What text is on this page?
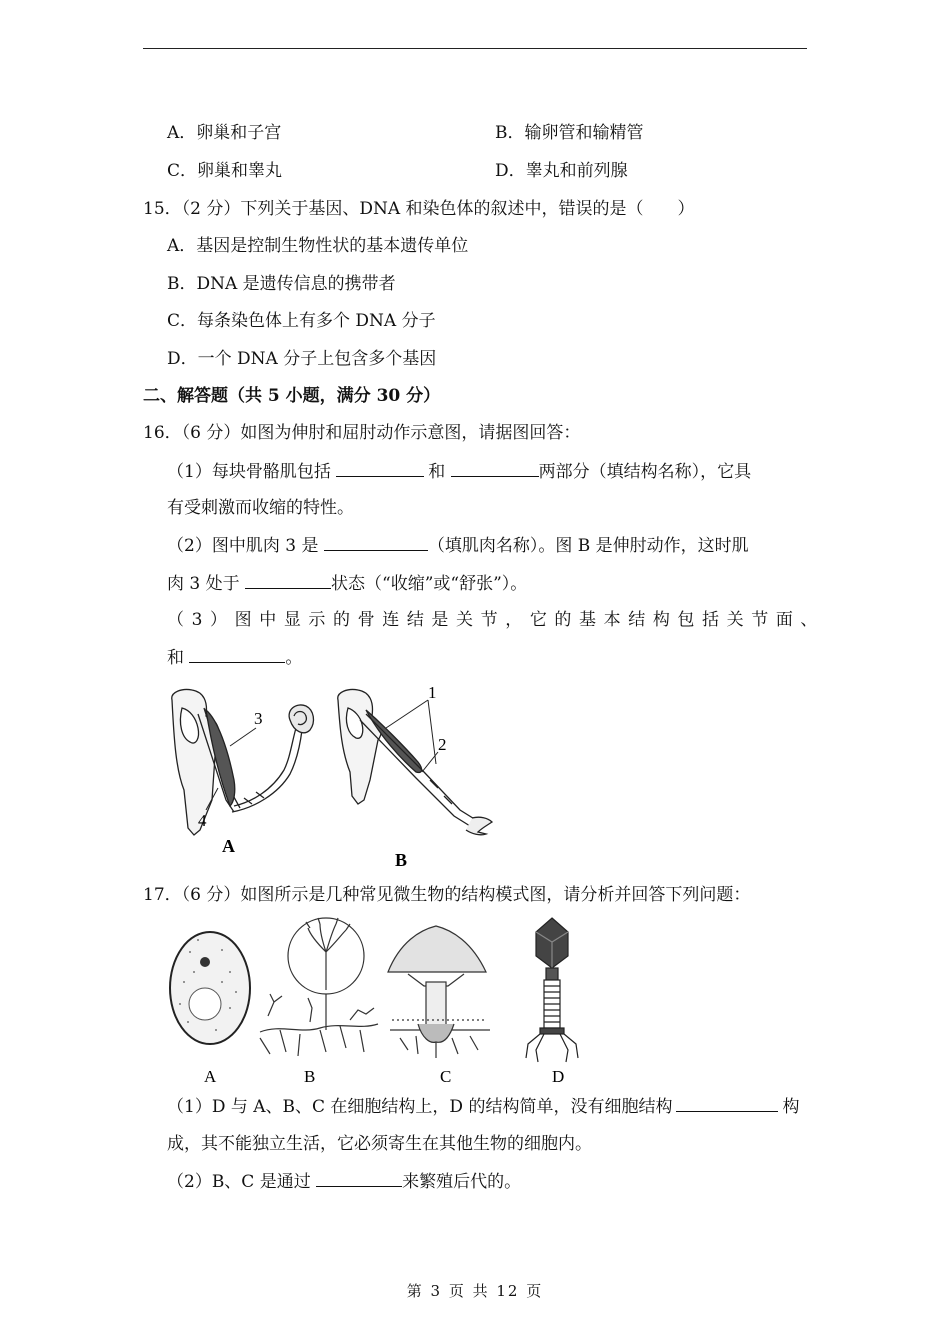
A．卵巢和子宫	B．输卵管和输精管
C．卵巢和睾丸	D．睾丸和前列腺
15．（2 分）下列关于基因、DNA 和染色体的叙述中，错误的是（　　）
A．基因是控制生物性状的基本遗传单位
B．DNA 是遗传信息的携带者
C．每条染色体上有多个 DNA 分子
D．一个 DNA 分子上包含多个基因
二、解答题（共 5 小题，满分 30 分）
16．（6 分）如图为伸肘和屈肘动作示意图，请据图回答：
（1）每块骨骼肌包括	和	两部分（填结构名称），它具
有受刺激而收缩的特性。
（2）图中肌肉 3 是	（填肌肉名称）。图 B 是伸肘动作，这时肌
肉 3 处于	状态（“收缩”或“舒张”）。
（3）图中显示的骨连结是关节，它的基本结构包括关节面、
和	。
3
4
A
1
2
B
17．（6 分）如图所示是几种常见微生物的结构模式图，请分析并回答下列问题：
A	B	C	D
（1）D 与 A、B、C 在细胞结构上，D 的结构简单，没有细胞结构	构
成，其不能独立生活，它必须寄生在其他生物的细胞内。
（2）B、C 是通过	来繁殖后代的。
第 3 页 共 12 页
